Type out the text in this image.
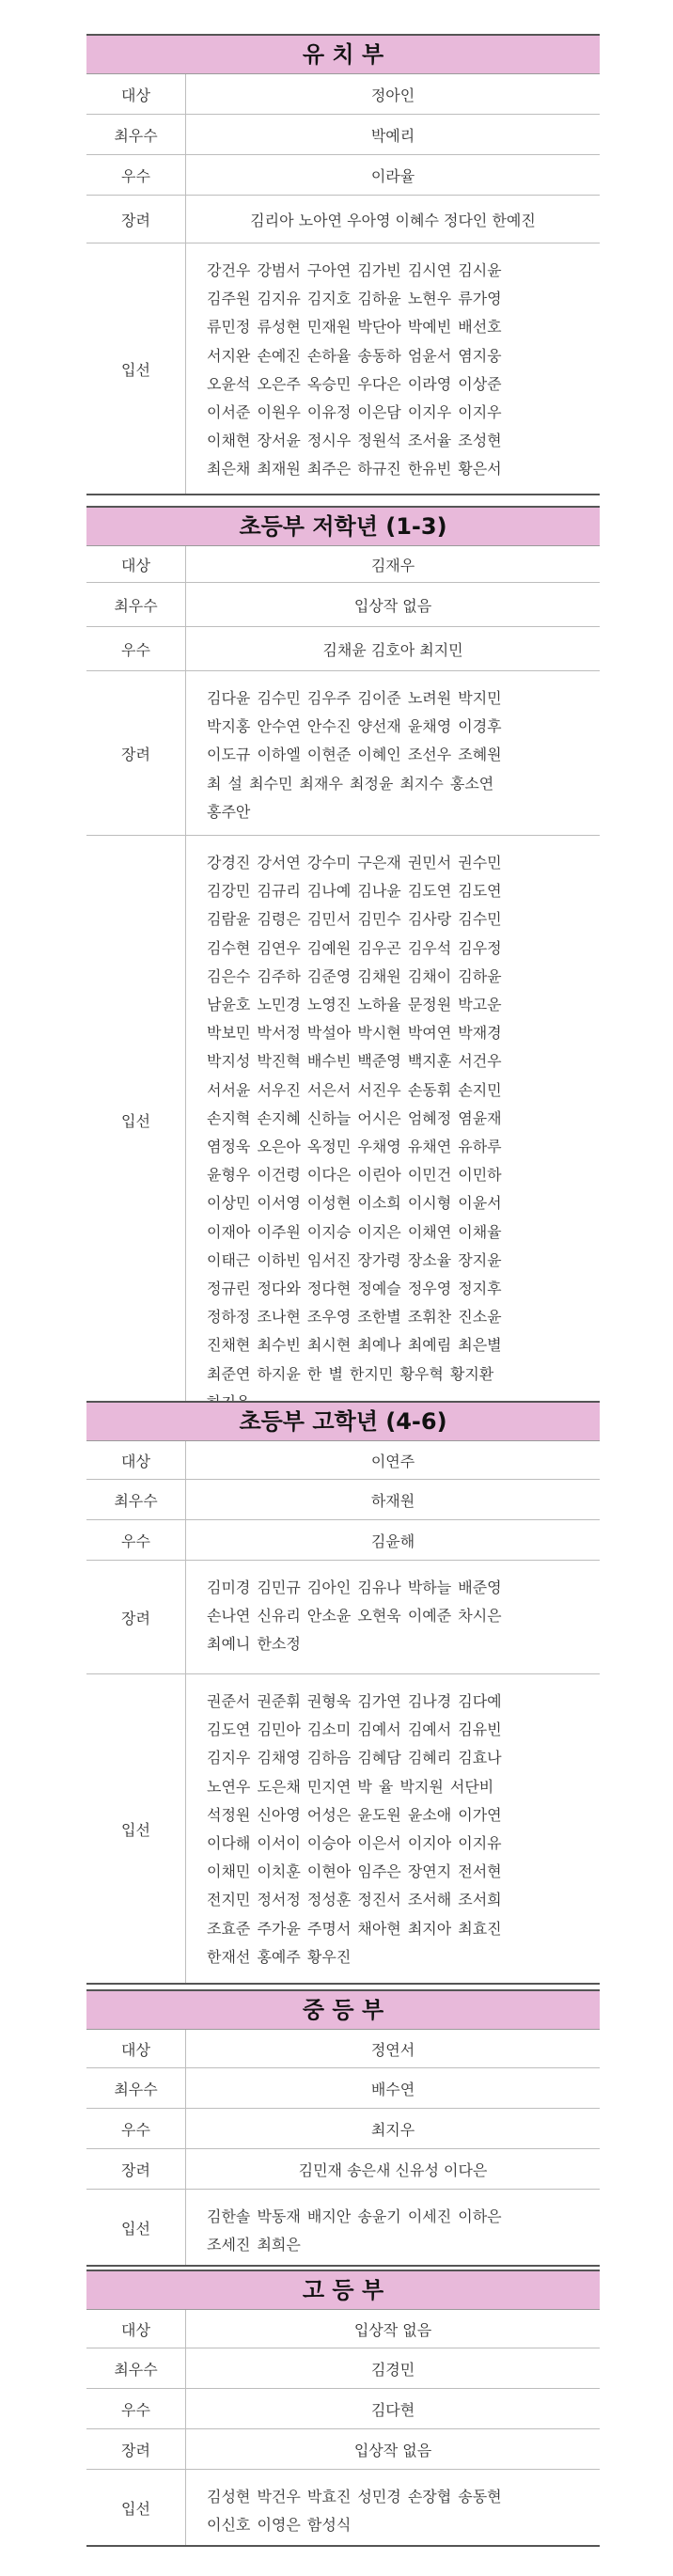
유 치 부
대상	정아인
최우수	박예리
우수	이라율
장려	김리아 노아연 우아영 이혜수 정다인 한예진
입선
강건우 강범서 구아연 김가빈 김시연 김시윤
김주원 김지유 김지호 김하윤 노현우 류가영
류민정 류성현 민재원 박단아 박예빈 배선호
서지완 손예진 손하율 송동하 엄윤서 염지웅
오윤석 오은주 옥승민 우다은 이라영 이상준
이서준 이원우 이유정 이은담 이지우 이지우
이채현 장서윤 정시우 정원석 조서율 조성현
최은채 최재원 최주은 하규진 한유빈 황은서
초등부 저학년 (1-3)
대상	김재우
최우수	입상작 없음
우수	김채윤 김호아 최지민
장려
김다윤 김수민 김우주 김이준 노려원 박지민
박지홍 안수연 안수진 양선재 윤채영 이경후
이도규 이하엘 이현준 이혜인 조선우 조혜원
최 설 최수민 최재우 최정윤 최지수 홍소연
홍주안
입선
강경진 강서연 강수미 구은재 권민서 권수민
김강민 김규리 김나예 김나윤 김도연 김도연
김람윤 김령은 김민서 김민수 김사랑 김수민
김수현 김연우 김예원 김우곤 김우석 김우정
김은수 김주하 김준영 김채원 김채이 김하윤
남윤호 노민경 노영진 노하율 문정원 박고운
박보민 박서정 박설아 박시현 박여연 박재경
박지성 박진혁 배수빈 백준영 백지훈 서건우
서서윤 서우진 서은서 서진우 손동휘 손지민
손지혁 손지혜 신하늘 어시은 엄혜정 염윤재
염정욱 오은아 옥정민 우채영 유채연 유하루
윤형우 이건령 이다은 이린아 이민건 이민하
이상민 이서영 이성현 이소희 이시형 이윤서
이재아 이주원 이지승 이지은 이채연 이채율
이태근 이하빈 임서진 장가령 장소율 장지윤
정규린 정다와 정다현 정예슬 정우영 정지후
정하정 조나현 조우영 조한별 조휘찬 진소윤
진채현 최수빈 최시현 최예나 최예림 최은별
최준연 하지윤 한 별 한지민 황우혁 황지환

초등부 고학년 (4-6)
대상	이연주
최우수	하재원
우수	김윤해
장려
김미경 김민규 김아인 김유나 박하늘 배준영
손나연 신유리 안소윤 오현욱 이예준 차시은
최예니 한소정
입선
권준서 권준휘 권형욱 김가연 김나경 김다예
김도연 김민아 김소미 김예서 김예서 김유빈
김지우 김채영 김하음 김혜담 김혜리 김효나
노연우 도은채 민지연 박 율 박지원 서단비
석정원 신아영 어성은 윤도원 윤소애 이가연
이다해 이서이 이승아 이은서 이지아 이지유
이채민 이치훈 이현아 임주은 장연지 전서현
전지민 정서정 정성훈 정진서 조서해 조서희
조효준 주가윤 주명서 채아현 최지아 최효진
한재선 홍예주 황우진
중 등 부
대상	정연서
최우수	배수연
우수	최지우
장려	김민재 송은새 신유성 이다은
입선
김한솔 박동재 배지안 송윤기 이세진 이하은
조세진 최희은
고 등 부
대상	입상작 없음
최우수	김경민
우수	김다현
장려	입상작 없음
입선
김성현 박건우 박효진 성민경 손장협 송동현
이신호 이영은 함성식
